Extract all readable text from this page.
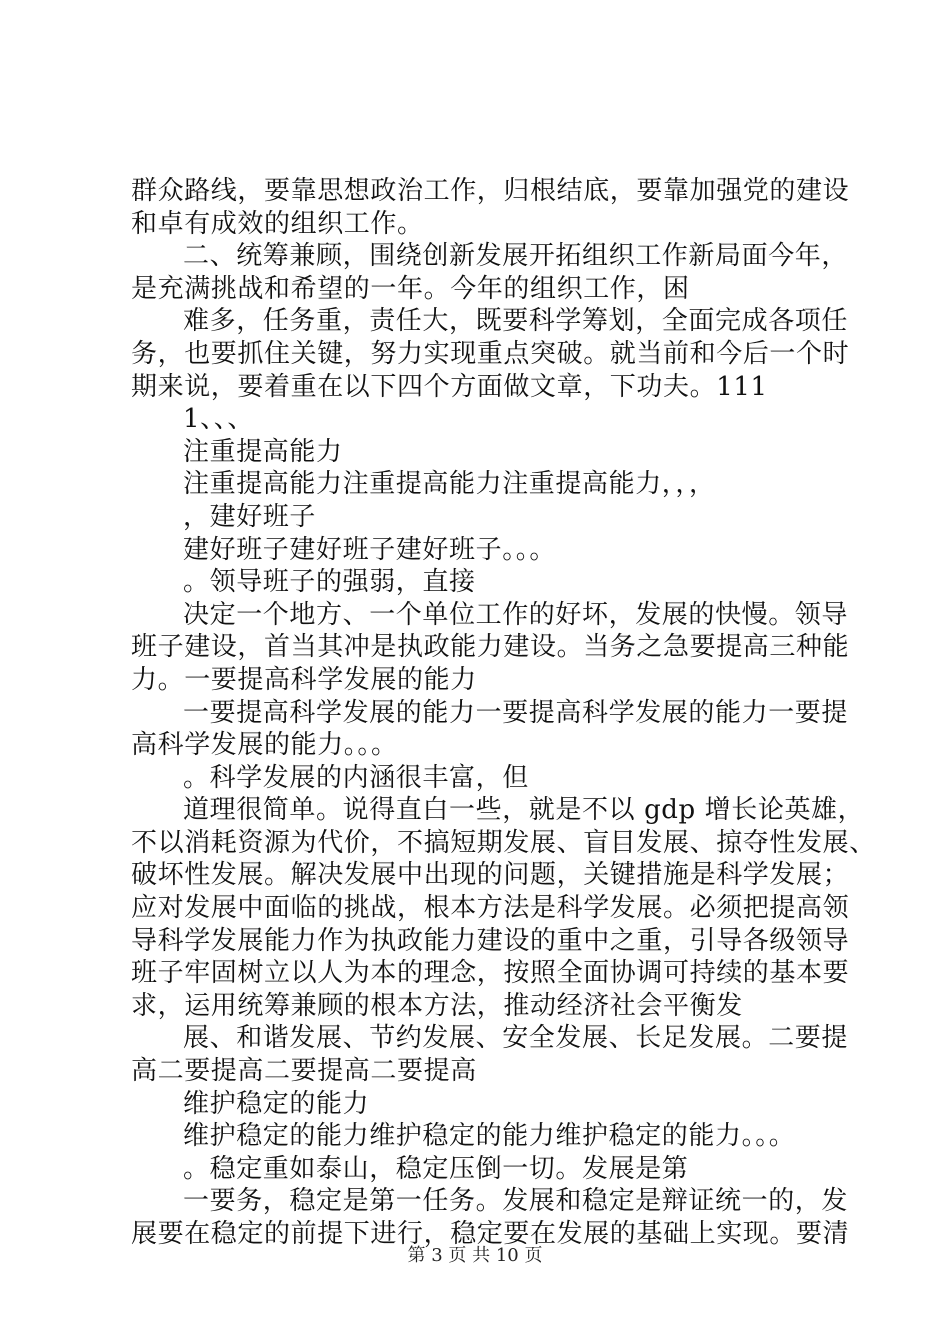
群众路线，要靠思想政治工作，归根结底，要靠加强党的建设
和卓有成效的组织工作。
二、统筹兼顾，围绕创新发展开拓组织工作新局面今年，
是充满挑战和希望的一年。今年的组织工作，困
难多，任务重，责任大，既要科学筹划，全面完成各项任
务，也要抓住关键，努力实现重点突破。就当前和今后一个时
期来说，要着重在以下四个方面做文章，下功夫。111
1、、、
注重提高能力
注重提高能力注重提高能力注重提高能力，，，
，建好班子
建好班子建好班子建好班子。。。
。领导班子的强弱，直接
决定一个地方、一个单位工作的好坏，发展的快慢。领导
班子建设，首当其冲是执政能力建设。当务之急要提高三种能
力。一要提高科学发展的能力
一要提高科学发展的能力一要提高科学发展的能力一要提
高科学发展的能力。。。
。科学发展的内涵很丰富，但
道理很简单。说得直白一些，就是不以 gdp 增长论英雄，
不以消耗资源为代价，不搞短期发展、盲目发展、掠夺性发展、
破坏性发展。解决发展中出现的问题，关键措施是科学发展；
应对发展中面临的挑战，根本方法是科学发展。必须把提高领
导科学发展能力作为执政能力建设的重中之重，引导各级领导
班子牢固树立以人为本的理念，按照全面协调可持续的基本要
求，运用统筹兼顾的根本方法，推动经济社会平衡发
展、和谐发展、节约发展、安全发展、长足发展。二要提
高二要提高二要提高二要提高
维护稳定的能力
维护稳定的能力维护稳定的能力维护稳定的能力。。。
。稳定重如泰山，稳定压倒一切。发展是第
一要务，稳定是第一任务。发展和稳定是辩证统一的，发
展要在稳定的前提下进行，稳定要在发展的基础上实现。要清
第 3 页 共 10 页
